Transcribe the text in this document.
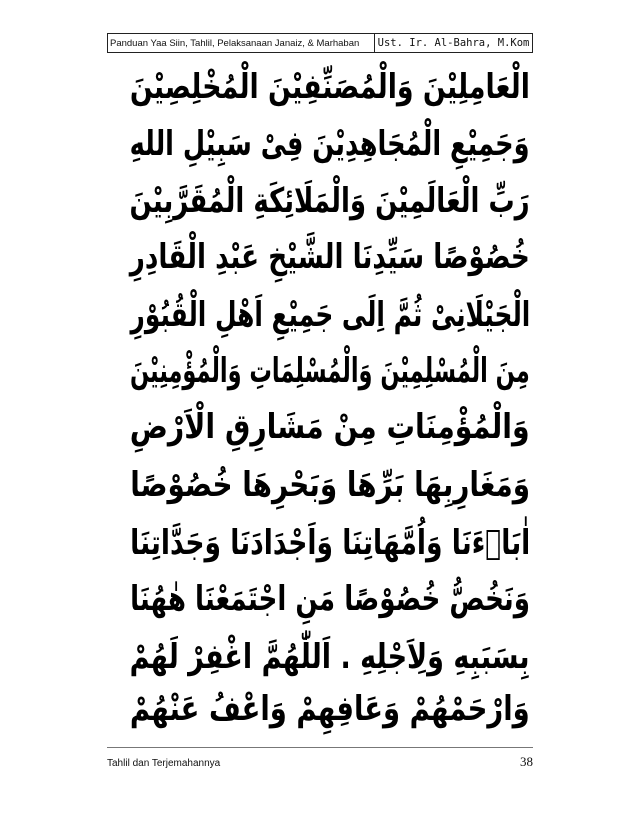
Panduan Yaa Siin, Tahlil, Pelaksanaan Janaiz, & Marhaban	Ust. Ir. Al-Bahra, M.Kom
الْعَامِلِيْنَ وَالْمُصَنِّفِيْنَ الْمُخْلِصِيْنَ
وَجَمِيْعِ الْمُجَاهِدِيْنَ فِىْ سَبِيْلِ اللهِ
رَبِّ الْعَالَمِيْنَ وَالْمَلَائِكَةِ الْمُقَرَّبِيْنَ
خُصُوْصًا سَيِّدِنَا الشَّيْخِ عَبْدِ الْقَادِرِ
الْجَيْلَانِىْ ثُمَّ اِلَى جَمِيْعِ اَهْلِ الْقُبُوْرِ
مِنَ الْمُسْلِمِيْنَ وَالْمُسْلِمَاتِ وَالْمُؤْمِنِيْنَ
وَالْمُؤْمِنَاتِ مِنْ مَشَارِقِ الْاَرْضِ
وَمَغَارِبِهَا بَرِّهَا وَبَحْرِهَا خُصُوْصًا
اٰبَاۤءَنَا وَاُمَّهَاتِنَا وَاَجْدَادَنَا وَجَدَّاتِنَا
وَنَخُصُّ خُصُوْصًا مَنِ اجْتَمَعْنَا هٰهُنَا
بِسَبَبِهِ وَلِاَجْلِهِ . اَللّٰهُمَّ اغْفِرْ لَهُمْ
وَارْحَمْهُمْ وَعَافِهِمْ وَاعْفُ عَنْهُمْ
Tahlil dan Terjemahannya	38
